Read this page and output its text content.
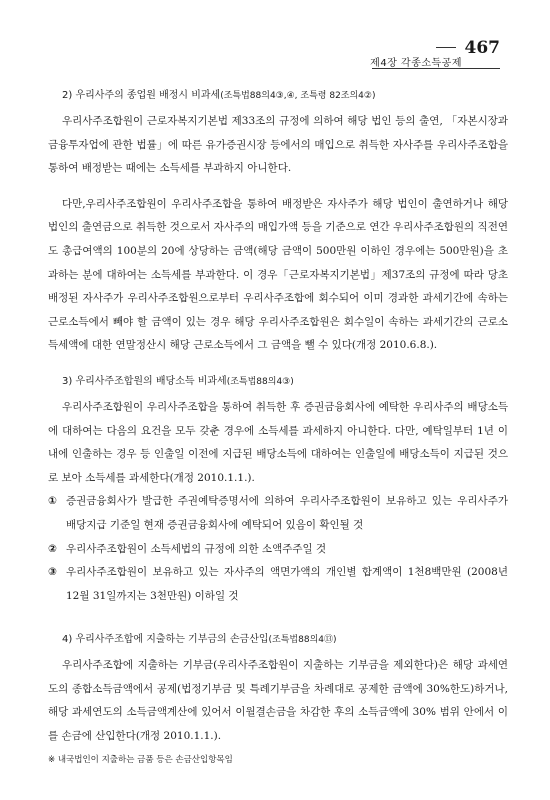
467
제4장 각종소득공제
2) 우리사주의 종업원 배정시 비과세(조특법88의4③,④, 조특령 82조의4②)

우리사주조합원이 근로자복지기본법 제33조의 규정에 의하여 해당 법인 등의 출연, 「자본시장과 금융투자업에 관한 법률」에 따른 유가증권시장 등에서의 매입으로 취득한 자사주를 우리사주조합을 통하여 배정받는 때에는 소득세를 부과하지 아니한다.

다만,우리사주조합원이 우리사주조합을 통하여 배정받은 자사주가 해당 법인이 출연하거나 해당 법인의 출연금으로 취득한 것으로서 자사주의 매입가액 등을 기준으로 연간 우리사주조합원의 직전연도 총급여액의 100분의 20에 상당하는 금액(해당 금액이 500만원 이하인 경우에는 500만원)을 초과하는 분에 대하여는 소득세를 부과한다. 이 경우「근로자복지기본법」제37조의 규정에 따라 당초 배정된 자사주가 우리사주조합원으로부터 우리사주조합에 회수되어 이미 경과한 과세기간에 속하는 근로소득에서 빼야 할 금액이 있는 경우 해당 우리사주조합원은 회수일이 속하는 과세기간의 근로소득세액에 대한 연말정산시 해당 근로소득에서 그 금액을 뺄 수 있다(개정 2010.6.8.).

3) 우리사주조합원의 배당소득 비과세(조특법88의4③)

우리사주조합원이 우리사주조합을 통하여 취득한 후 증권금융회사에 예탁한 우리사주의 배당소득에 대하여는 다음의 요건을 모두 갖춘 경우에 소득세를 과세하지 아니한다. 다만, 예탁일부터 1년 이내에 인출하는 경우 등 인출일 이전에 지급된 배당소득에 대하여는 인출일에 배당소득이 지급된 것으로 보아 소득세를 과세한다(개정 2010.1.1.).

① 증권금융회사가 발급한 주권예탁증명서에 의하여 우리사주조합원이 보유하고 있는 우리사주가 배당지급 기준일 현재 증권금융회사에 예탁되어 있음이 확인될 것
② 우리사주조합원이 소득세법의 규정에 의한 소액주주일 것
③ 우리사주조합원이 보유하고 있는 자사주의 액면가액의 개인별 합계액이 1천8백만원 (2008년 12월 31일까지는 3천만원) 이하일 것
4) 우리사주조합에 지출하는 기부금의 손금산입(조특법88의4⑬)

우리사주조합에 지출하는 기부금(우리사주조합원이 지출하는 기부금을 제외한다)은 해당 과세연도의 종합소득금액에서 공제(법정기부금 및 특례기부금을 차례대로 공제한 금액에 30%한도)하거나, 해당 과세연도의 소득금액계산에 있어서 이월결손금을 차감한 후의 소득금액에 30% 범위 안에서 이를 손금에 산입한다(개정 2010.1.1.).

※ 내국법인이 지출하는 금품 등은 손금산입항목임
